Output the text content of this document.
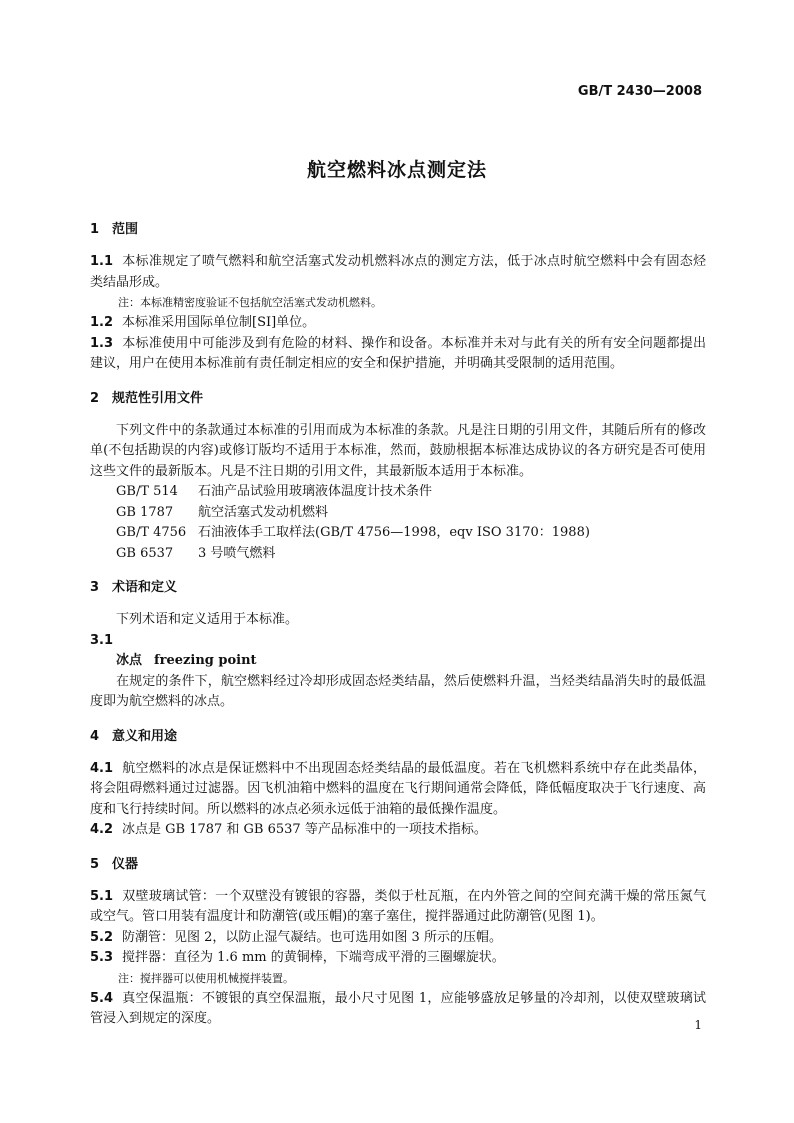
GB/T 2430—2008
航空燃料冰点测定法
1 范围

1.1 本标准规定了喷气燃料和航空活塞式发动机燃料冰点的测定方法，低于冰点时航空燃料中会有固态烃类结晶形成。

注：本标准精密度验证不包括航空活塞式发动机燃料。

1.2 本标准采用国际单位制[SI]单位。

1.3 本标准使用中可能涉及到有危险的材料、操作和设备。本标准并未对与此有关的所有安全问题都提出建议，用户在使用本标准前有责任制定相应的安全和保护措施，并明确其受限制的适用范围。

2 规范性引用文件

下列文件中的条款通过本标准的引用而成为本标准的条款。凡是注日期的引用文件，其随后所有的修改单(不包括勘误的内容)或修订版均不适用于本标准，然而，鼓励根据本标准达成协议的各方研究是否可使用这些文件的最新版本。凡是不注日期的引用文件，其最新版本适用于本标准。

GB/T 514 石油产品试验用玻璃液体温度计技术条件
GB 1787 航空活塞式发动机燃料
GB/T 4756 石油液体手工取样法(GB/T 4756—1998，eqv ISO 3170：1988)
GB 6537 3 号喷气燃料
3 术语和定义

下列术语和定义适用于本标准。

3.1
冰点 freezing point

在规定的条件下，航空燃料经过冷却形成固态烃类结晶，然后使燃料升温，当烃类结晶消失时的最低温度即为航空燃料的冰点。

4 意义和用途

4.1 航空燃料的冰点是保证燃料中不出现固态烃类结晶的最低温度。若在飞机燃料系统中存在此类晶体，将会阻碍燃料通过过滤器。因飞机油箱中燃料的温度在飞行期间通常会降低，降低幅度取决于飞行速度、高度和飞行持续时间。所以燃料的冰点必须永远低于油箱的最低操作温度。

4.2 冰点是 GB 1787 和 GB 6537 等产品标准中的一项技术指标。

5 仪器

5.1 双壁玻璃试管：一个双壁没有镀银的容器，类似于杜瓦瓶，在内外管之间的空间充满干燥的常压氮气或空气。管口用装有温度计和防潮管(或压帽)的塞子塞住，搅拌器通过此防潮管(见图 1)。

5.2 防潮管：见图 2，以防止湿气凝结。也可选用如图 3 所示的压帽。

5.3 搅拌器：直径为 1.6 mm 的黄铜棒，下端弯成平滑的三圈螺旋状。

注：搅拌器可以使用机械搅拌装置。

5.4 真空保温瓶：不镀银的真空保温瓶，最小尺寸见图 1，应能够盛放足够量的冷却剂，以使双壁玻璃试管浸入到规定的深度。	1
